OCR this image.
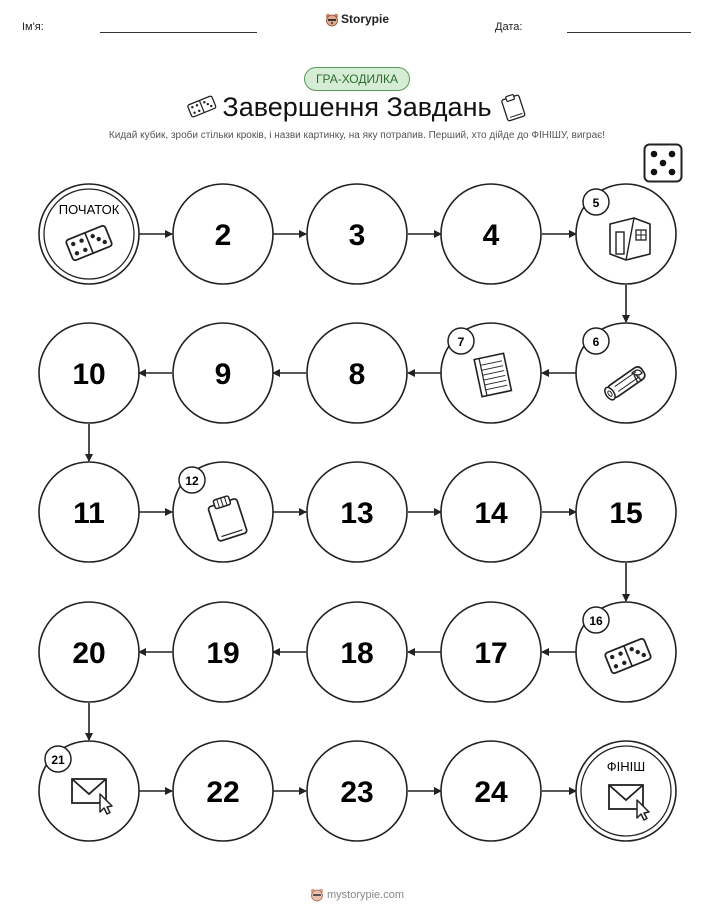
Ім'я:	Дата:
Storypie
ГРА-ХОДИЛКА
Завершення Завдань
Кидай кубик, зроби стільки кроків, і назви картинку, на яку потрапив. Перший, хто дійде до ФІНІШУ, виграє!
ПОЧАТОК
2	3	4
5
6
7
8
9
10
11
12
13	14	15
16
17
18
19
20
21
22	23	24
ФІНІШ
mystorypie.com
